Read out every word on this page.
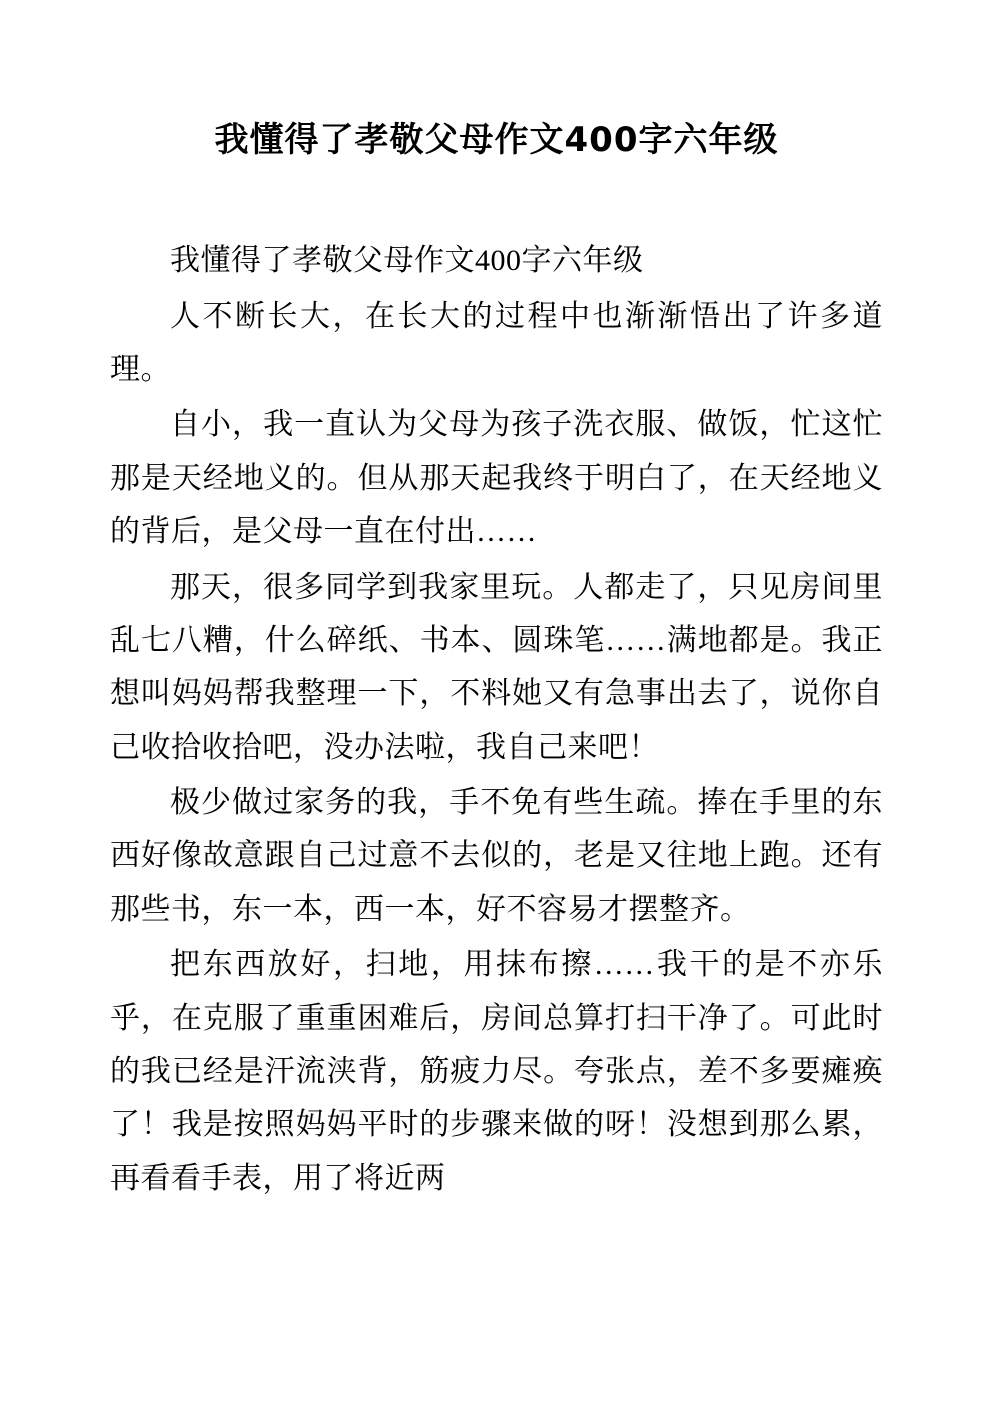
我懂得了孝敬父母作文400字六年级

我懂得了孝敬父母作文400字六年级

人不断长大，在长大的过程中也渐渐悟出了许多道理。

自小，我一直认为父母为孩子洗衣服、做饭，忙这忙那是天经地义的。但从那天起我终于明白了，在天经地义的背后，是父母一直在付出……

那天，很多同学到我家里玩。人都走了，只见房间里乱七八糟，什么碎纸、书本、圆珠笔……满地都是。我正想叫妈妈帮我整理一下，不料她又有急事出去了，说你自己收拾收拾吧，没办法啦，我自己来吧！

极少做过家务的我，手不免有些生疏。捧在手里的东西好像故意跟自己过意不去似的，老是又往地上跑。还有那些书，东一本，西一本，好不容易才摆整齐。

把东西放好，扫地，用抹布擦……我干的是不亦乐乎，在克服了重重困难后，房间总算打扫干净了。可此时的我已经是汗流浃背，筋疲力尽。夸张点，差不多要瘫痪了！我是按照妈妈平时的步骤来做的呀！没想到那么累，再看看手表，用了将近两
